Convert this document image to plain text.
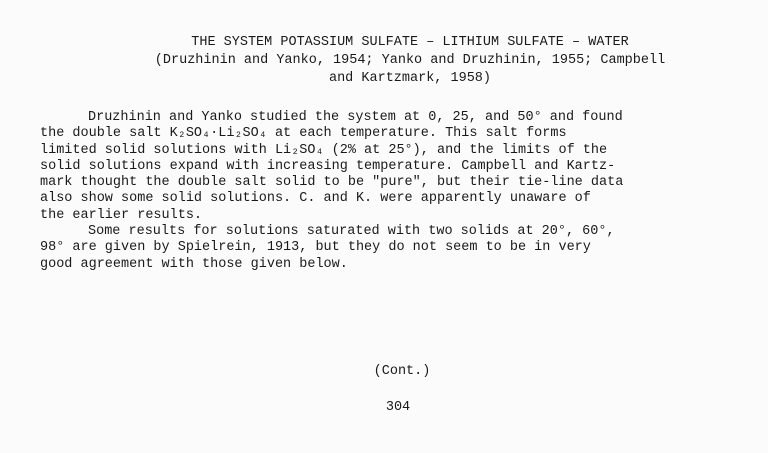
THE SYSTEM POTASSIUM SULFATE – LITHIUM SULFATE – WATER
(Druzhinin and Yanko, 1954; Yanko and Druzhinin, 1955; Campbell
and Kartzmark, 1958)
Druzhinin and Yanko studied the system at 0, 25, and 50° and found
the double salt K₂SO₄·Li₂SO₄ at each temperature. This salt forms
limited solid solutions with Li₂SO₄ (2% at 25°), and the limits of the
solid solutions expand with increasing temperature. Campbell and Kartz-
mark thought the double salt solid to be "pure", but their tie-line data
also show some solid solutions. C. and K. were apparently unaware of
the earlier results.
Some results for solutions saturated with two solids at 20°, 60°,
98° are given by Spielrein, 1913, but they do not seem to be in very
good agreement with those given below.
(Cont.)
304
